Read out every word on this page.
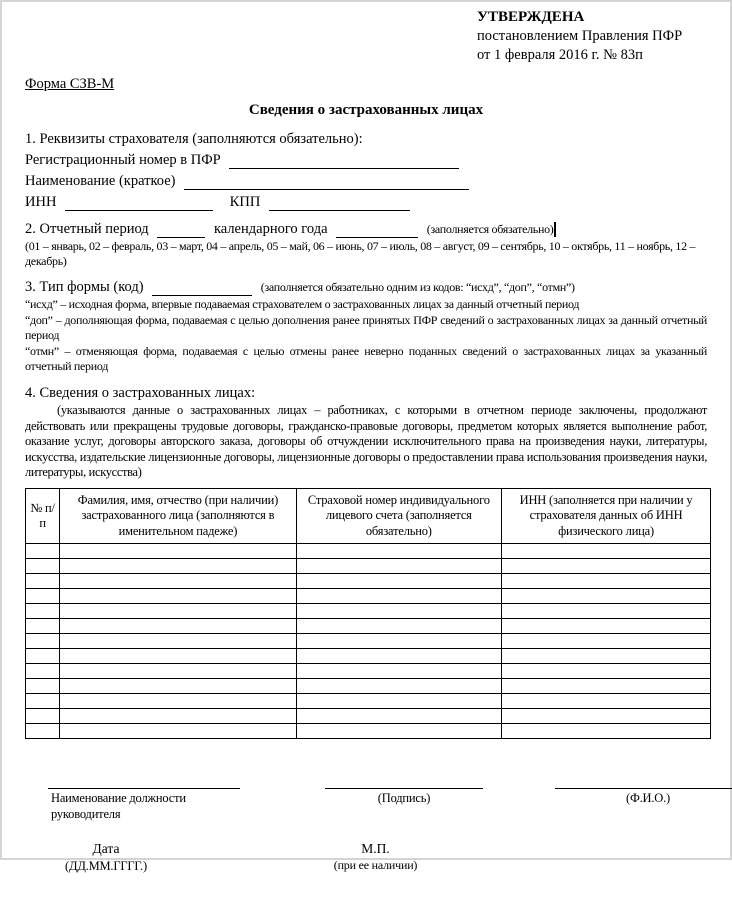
УТВЕРЖДЕНА
постановлением Правления ПФР
от 1 февраля 2016 г. № 83п
Форма СЗВ-М
Сведения о застрахованных лицах
1. Реквизиты страхователя (заполняются обязательно):
Регистрационный номер в ПФР
Наименование (краткое)
ИНН	КПП
2. Отчетный период	календарного года	(заполняется обязательно)
(01 – январь, 02 – февраль, 03 – март, 04 – апрель, 05 – май, 06 – июнь, 07 – июль, 08 – август, 09 – сентябрь, 10 – октябрь, 11 – ноябрь, 12 – декабрь)
3. Тип формы (код)	(заполняется обязательно одним из кодов: “исхд”, “доп”, “отмн”)
“исхд” – исходная форма, впервые подаваемая страхователем о застрахованных лицах за данный отчетный период
“доп” – дополняющая форма, подаваемая с целью дополнения ранее принятых ПФР сведений о застрахованных лицах за данный отчетный период
“отмн” – отменяющая форма, подаваемая с целью отмены ранее неверно поданных сведений о застрахованных лицах за указанный отчетный период
4. Сведения о застрахованных лицах:
(указываются данные о застрахованных лицах – работниках, с которыми в отчетном периоде заключены, продолжают действовать или прекращены трудовые договоры, гражданско-правовые договоры, предметом которых является выполнение работ, оказание услуг, договоры авторского заказа, договоры об отчуждении исключительного права на произведения науки, литературы, искусства, издательские лицензионные договоры, лицензионные договоры о предоставлении права использования произведения науки, литературы, искусства)
№ п/п	Фамилия, имя, отчество (при наличии) застрахованного лица (заполняются в именительном падеже)	Страховой номер индивидуального лицевого счета (заполняется обязательно)	ИНН (заполняется при наличии у страхователя данных об ИНН физического лица)

Наименование должности
руководителя
(Подпись)	(Ф.И.О.)
Дата
(ДД.ММ.ГГГГ.)
М.П.
(при ее наличии)
